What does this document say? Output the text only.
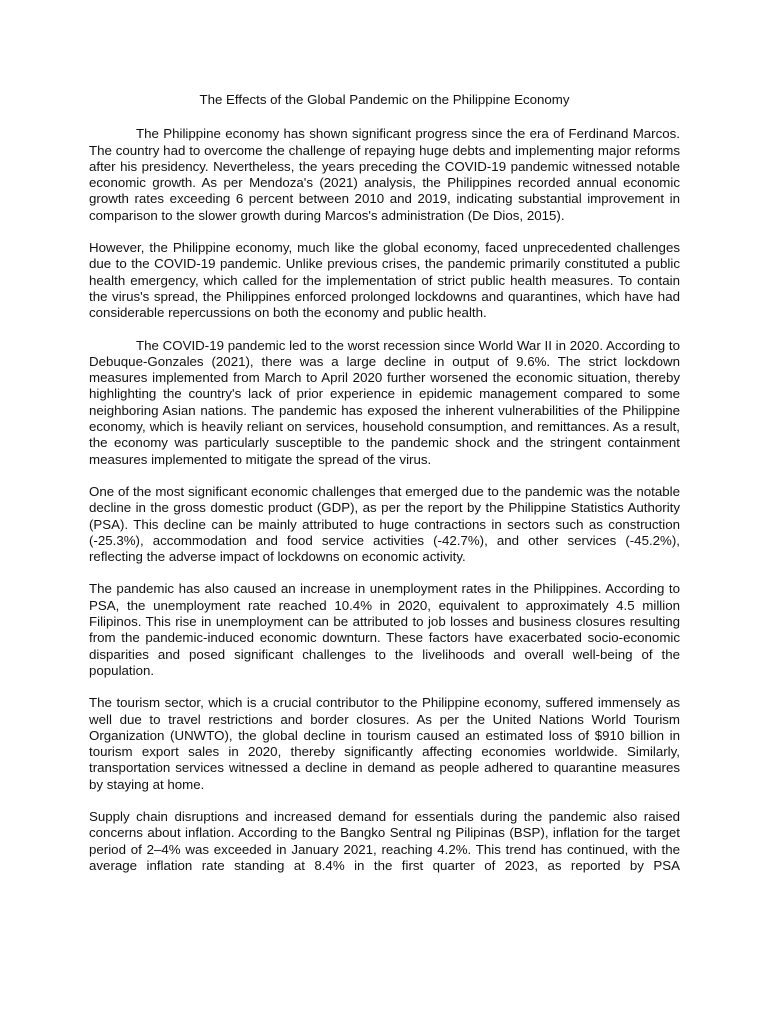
The Effects of the Global Pandemic on the Philippine Economy

The Philippine economy has shown significant progress since the era of Ferdinand Marcos. The country had to overcome the challenge of repaying huge debts and implementing major reforms after his presidency. Nevertheless, the years preceding the COVID-19 pandemic witnessed notable economic growth. As per Mendoza's (2021) analysis, the Philippines recorded annual economic growth rates exceeding 6 percent between 2010 and 2019, indicating substantial improvement in comparison to the slower growth during Marcos's administration (De Dios, 2015).

However, the Philippine economy, much like the global economy, faced unprecedented challenges due to the COVID-19 pandemic. Unlike previous crises, the pandemic primarily constituted a public health emergency, which called for the implementation of strict public health measures. To contain the virus's spread, the Philippines enforced prolonged lockdowns and quarantines, which have had considerable repercussions on both the economy and public health.

The COVID-19 pandemic led to the worst recession since World War II in 2020. According to Debuque-Gonzales (2021), there was a large decline in output of 9.6%. The strict lockdown measures implemented from March to April 2020 further worsened the economic situation, thereby highlighting the country's lack of prior experience in epidemic management compared to some neighboring Asian nations. The pandemic has exposed the inherent vulnerabilities of the Philippine economy, which is heavily reliant on services, household consumption, and remittances. As a result, the economy was particularly susceptible to the pandemic shock and the stringent containment measures implemented to mitigate the spread of the virus.

One of the most significant economic challenges that emerged due to the pandemic was the notable decline in the gross domestic product (GDP), as per the report by the Philippine Statistics Authority (PSA). This decline can be mainly attributed to huge contractions in sectors such as construction (-25.3%), accommodation and food service activities (-42.7%), and other services (-45.2%), reflecting the adverse impact of lockdowns on economic activity.

The pandemic has also caused an increase in unemployment rates in the Philippines. According to PSA, the unemployment rate reached 10.4% in 2020, equivalent to approximately 4.5 million Filipinos. This rise in unemployment can be attributed to job losses and business closures resulting from the pandemic-induced economic downturn. These factors have exacerbated socio-economic disparities and posed significant challenges to the livelihoods and overall well-being of the population.

The tourism sector, which is a crucial contributor to the Philippine economy, suffered immensely as well due to travel restrictions and border closures. As per the United Nations World Tourism Organization (UNWTO), the global decline in tourism caused an estimated loss of $910 billion in tourism export sales in 2020, thereby significantly affecting economies worldwide. Similarly, transportation services witnessed a decline in demand as people adhered to quarantine measures by staying at home.

Supply chain disruptions and increased demand for essentials during the pandemic also raised concerns about inflation. According to the Bangko Sentral ng Pilipinas (BSP), inflation for the target period of 2–4% was exceeded in January 2021, reaching 4.2%. This trend has continued, with the average inflation rate standing at 8.4% in the first quarter of 2023, as reported by PSA
